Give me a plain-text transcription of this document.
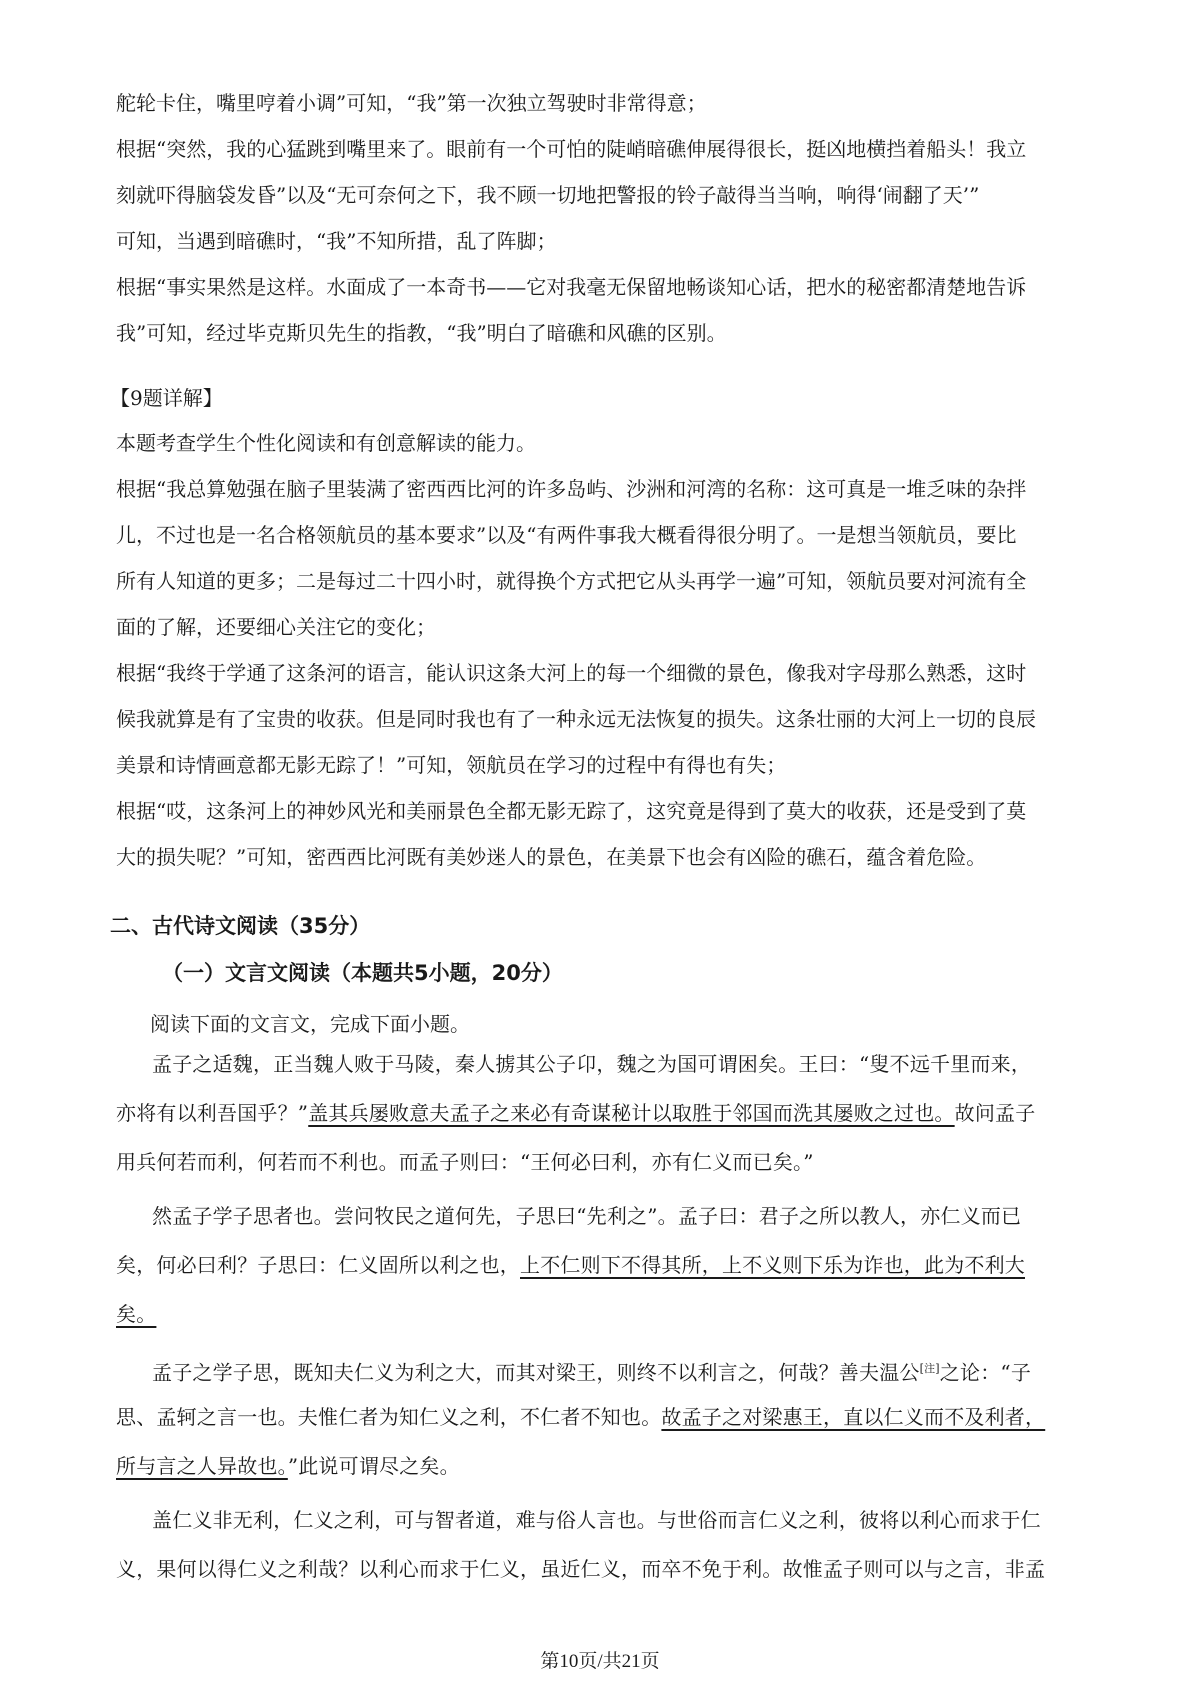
舵轮卡住，嘴里哼着小调”可知，“我”第一次独立驾驶时非常得意；
根据“突然，我的心猛跳到嘴里来了。眼前有一个可怕的陡峭暗礁伸展得很长，挺凶地横挡着船头！我立
刻就吓得脑袋发昏”以及“无可奈何之下，我不顾一切地把警报的铃子敲得当当响，响得‘闹翻了天’”
可知，当遇到暗礁时，“我”不知所措，乱了阵脚；
根据“事实果然是这样。水面成了一本奇书——它对我毫无保留地畅谈知心话，把水的秘密都清楚地告诉
我”可知，经过毕克斯贝先生的指教，“我”明白了暗礁和风礁的区别。

【9题详解】

本题考查学生个性化阅读和有创意解读的能力。
根据“我总算勉强在脑子里装满了密西西比河的许多岛屿、沙洲和河湾的名称：这可真是一堆乏味的杂拌
儿，不过也是一名合格领航员的基本要求”以及“有两件事我大概看得很分明了。一是想当领航员，要比
所有人知道的更多；二是每过二十四小时，就得换个方式把它从头再学一遍”可知，领航员要对河流有全
面的了解，还要细心关注它的变化；
根据“我终于学通了这条河的语言，能认识这条大河上的每一个细微的景色，像我对字母那么熟悉，这时
候我就算是有了宝贵的收获。但是同时我也有了一种永远无法恢复的损失。这条壮丽的大河上一切的良辰
美景和诗情画意都无影无踪了！”可知，领航员在学习的过程中有得也有失；
根据“哎，这条河上的神妙风光和美丽景色全都无影无踪了，这究竟是得到了莫大的收获，还是受到了莫
大的损失呢？”可知，密西西比河既有美妙迷人的景色，在美景下也会有凶险的礁石，蕴含着危险。

二、古代诗文阅读（35分）

（一）文言文阅读（本题共5小题，20分）

阅读下面的文言文，完成下面小题。

孟子之适魏，正当魏人败于马陵，秦人掳其公子卬，魏之为国可谓困矣。王曰：“叟不远千里而来，
亦将有以利吾国乎？”盖其兵屡败意夫孟子之来必有奇谋秘计以取胜于邻国而洗其屡败之过也。故问孟子
用兵何若而利，何若而不利也。而孟子则曰：“王何必曰利，亦有仁义而已矣。”
然孟子学子思者也。尝问牧民之道何先，子思曰“先利之”。孟子曰：君子之所以教人，亦仁义而已
矣，何必曰利？子思曰：仁义固所以利之也，上不仁则下不得其所，上不义则下乐为诈也，此为不利大
矣。
孟子之学子思，既知夫仁义为利之大，而其对梁王，则终不以利言之，何哉？善夫温公[注]之论：“子
思、孟轲之言一也。夫惟仁者为知仁义之利，不仁者不知也。故孟子之对梁惠王，直以仁义而不及利者，
所与言之人异故也。”此说可谓尽之矣。
盖仁义非无利，仁义之利，可与智者道，难与俗人言也。与世俗而言仁义之利，彼将以利心而求于仁
义，果何以得仁义之利哉？以利心而求于仁义，虽近仁义，而卒不免于利。故惟孟子则可以与之言，非孟

第10页/共21页
